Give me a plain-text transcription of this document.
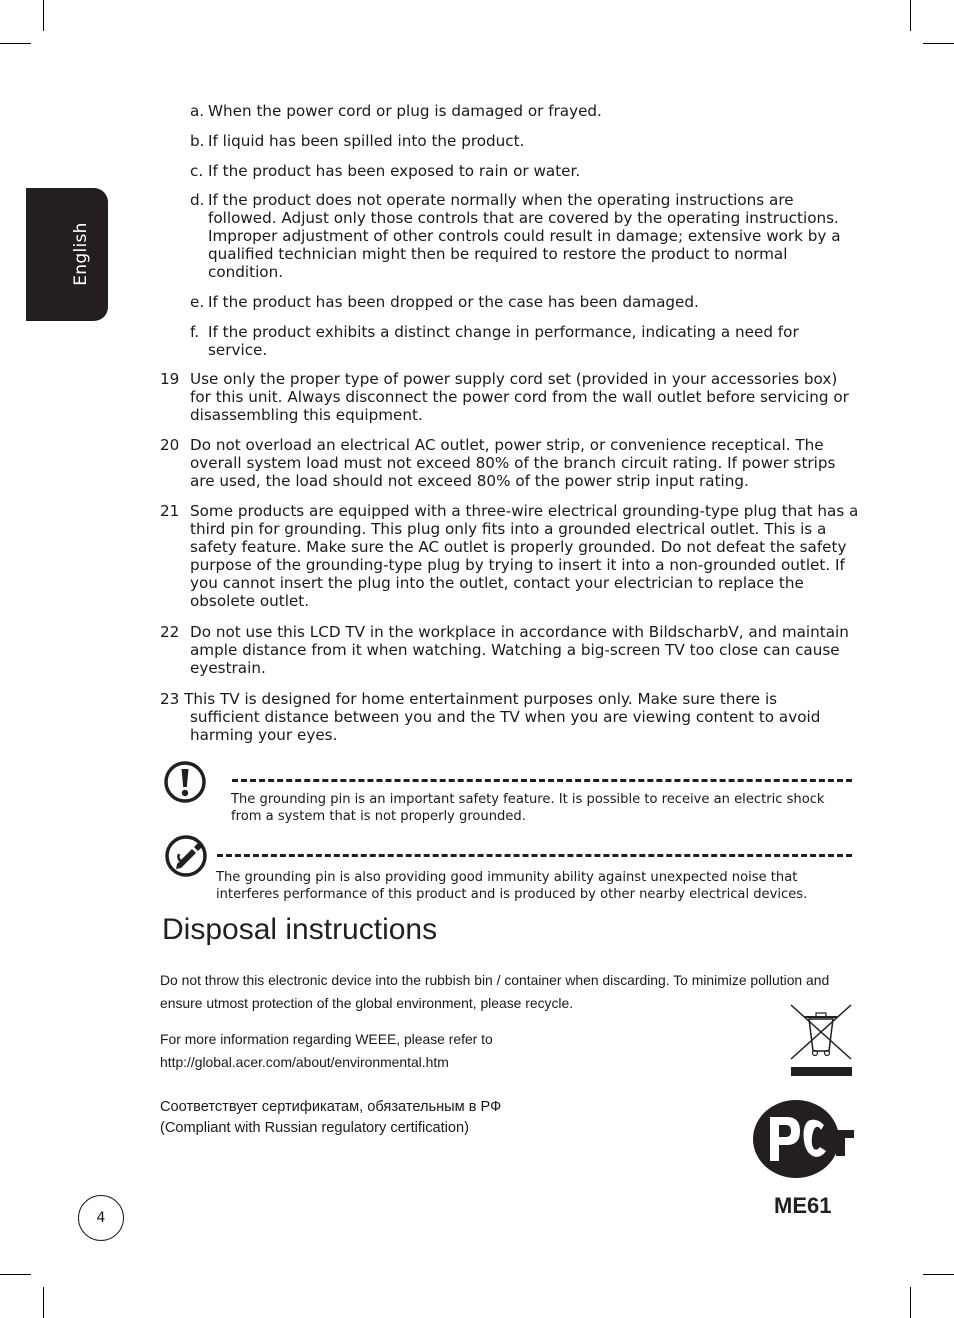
English
a. When the power cord or plug is damaged or frayed.
b. If liquid has been spilled into the product.
c. If the product has been exposed to rain or water.
d. If the product does not operate normally when the operating instructions are followed. Adjust only those controls that are covered by the operating instructions. Improper adjustment of other controls could result in damage; extensive work by a qualified technician might then be required to restore the product to normal condition.
e. If the product has been dropped or the case has been damaged.
f. If the product exhibits a distinct change in performance, indicating a need for service.
19 Use only the proper type of power supply cord set (provided in your accessories box) for this unit. Always disconnect the power cord from the wall outlet before servicing or disassembling this equipment.
20 Do not overload an electrical AC outlet, power strip, or convenience receptical. The overall system load must not exceed 80% of the branch circuit rating. If power strips are used, the load should not exceed 80% of the power strip input rating.
21 Some products are equipped with a three-wire electrical grounding-type plug that has a third pin for grounding. This plug only fits into a grounded electrical outlet. This is a safety feature. Make sure the AC outlet is properly grounded. Do not defeat the safety purpose of the grounding-type plug by trying to insert it into a non-grounded outlet. If you cannot insert the plug into the outlet, contact your electrician to replace the obsolete outlet.
22 Do not use this LCD TV in the workplace in accordance with BildscharbV, and maintain ample distance from it when watching. Watching a big-screen TV too close can cause eyestrain.
23 This TV is designed for home entertainment purposes only. Make sure there is
sufficient distance between you and the TV when you are viewing content to avoid harming your eyes.
The grounding pin is an important safety feature. It is possible to receive an electric shock from a system that is not properly grounded.
The grounding pin is also providing good immunity ability against unexpected noise that interferes performance of this product and is produced by other nearby electrical devices.
Disposal instructions
Do not throw this electronic device into the rubbish bin / container when discarding. To minimize pollution and ensure utmost protection of the global environment, please recycle.
For more information regarding WEEE, please refer to
http://global.acer.com/about/environmental.htm
Соответствует сертификатам, обязательным в РФ
(Compliant with Russian regulatory certification)
ME61
4
